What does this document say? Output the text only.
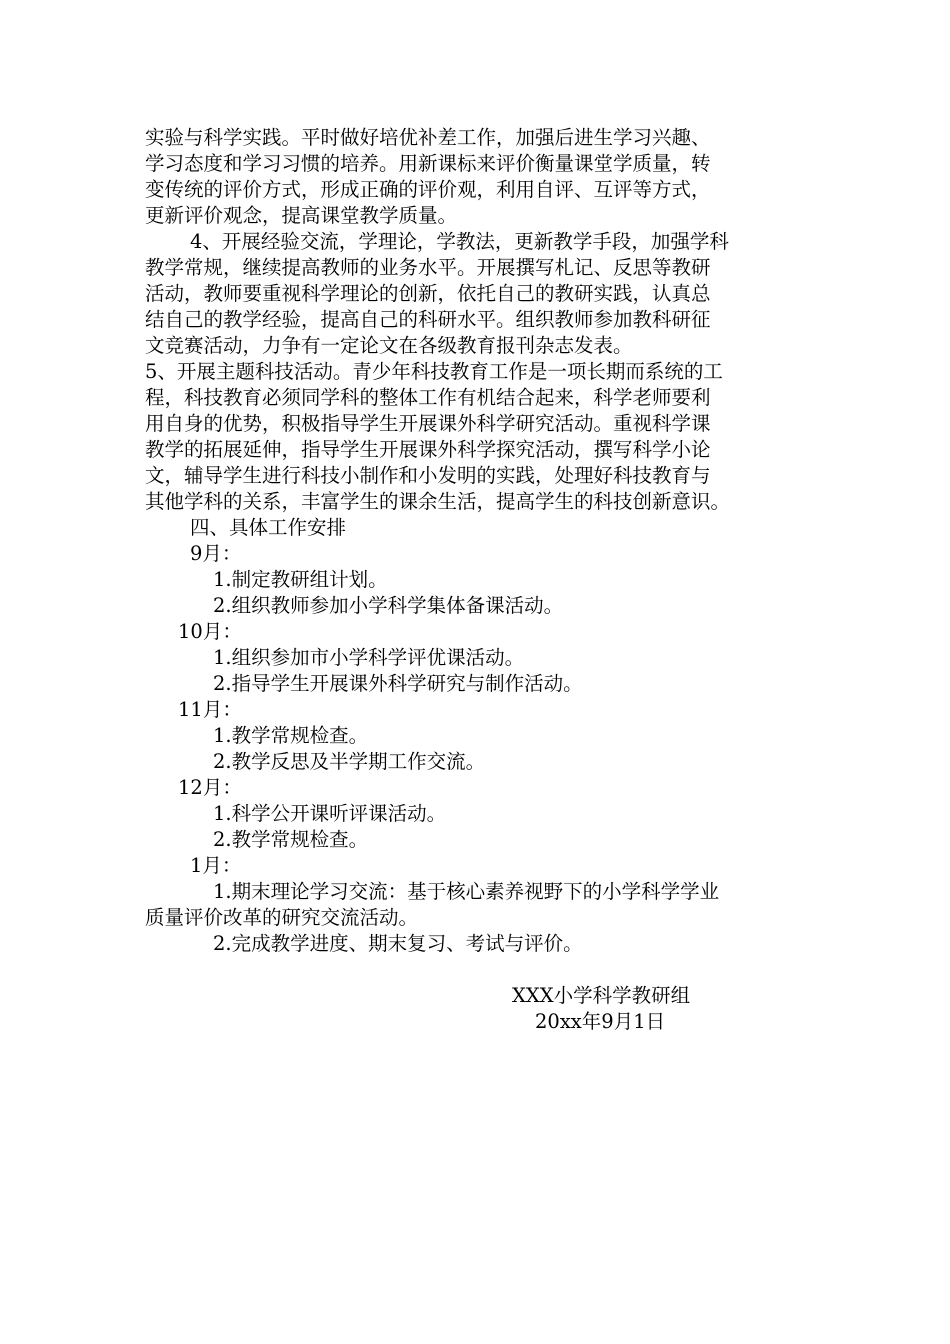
实验与科学实践。平时做好培优补差工作，加强后进生学习兴趣、
学习态度和学习习惯的培养。用新课标来评价衡量课堂学质量，转
变传统的评价方式，形成正确的评价观，利用自评、互评等方式，
更新评价观念，提高课堂教学质量。
4、开展经验交流，学理论，学教法，更新教学手段，加强学科
教学常规，继续提高教师的业务水平。开展撰写札记、反思等教研
活动，教师要重视科学理论的创新，依托自己的教研实践，认真总
结自己的教学经验，提高自己的科研水平。组织教师参加教科研征
文竞赛活动，力争有一定论文在各级教育报刊杂志发表。
5、开展主题科技活动。青少年科技教育工作是一项长期而系统的工
程，科技教育必须同学科的整体工作有机结合起来，科学老师要利
用自身的优势，积极指导学生开展课外科学研究活动。重视科学课
教学的拓展延伸，指导学生开展课外科学探究活动，撰写科学小论
文，辅导学生进行科技小制作和小发明的实践，处理好科技教育与
其他学科的关系，丰富学生的课余生活，提高学生的科技创新意识。
四、具体工作安排
9月：
1.制定教研组计划。
2.组织教师参加小学科学集体备课活动。
10月：
1.组织参加市小学科学评优课活动。
2.指导学生开展课外科学研究与制作活动。
11月：
1.教学常规检查。
2.教学反思及半学期工作交流。
12月：
1.科学公开课听评课活动。
2.教学常规检查。
1月：
1.期末理论学习交流：基于核心素养视野下的小学科学学业
质量评价改革的研究交流活动。
2.完成教学进度、期末复习、考试与评价。
XXX小学科学教研组
20xx年9月1日
